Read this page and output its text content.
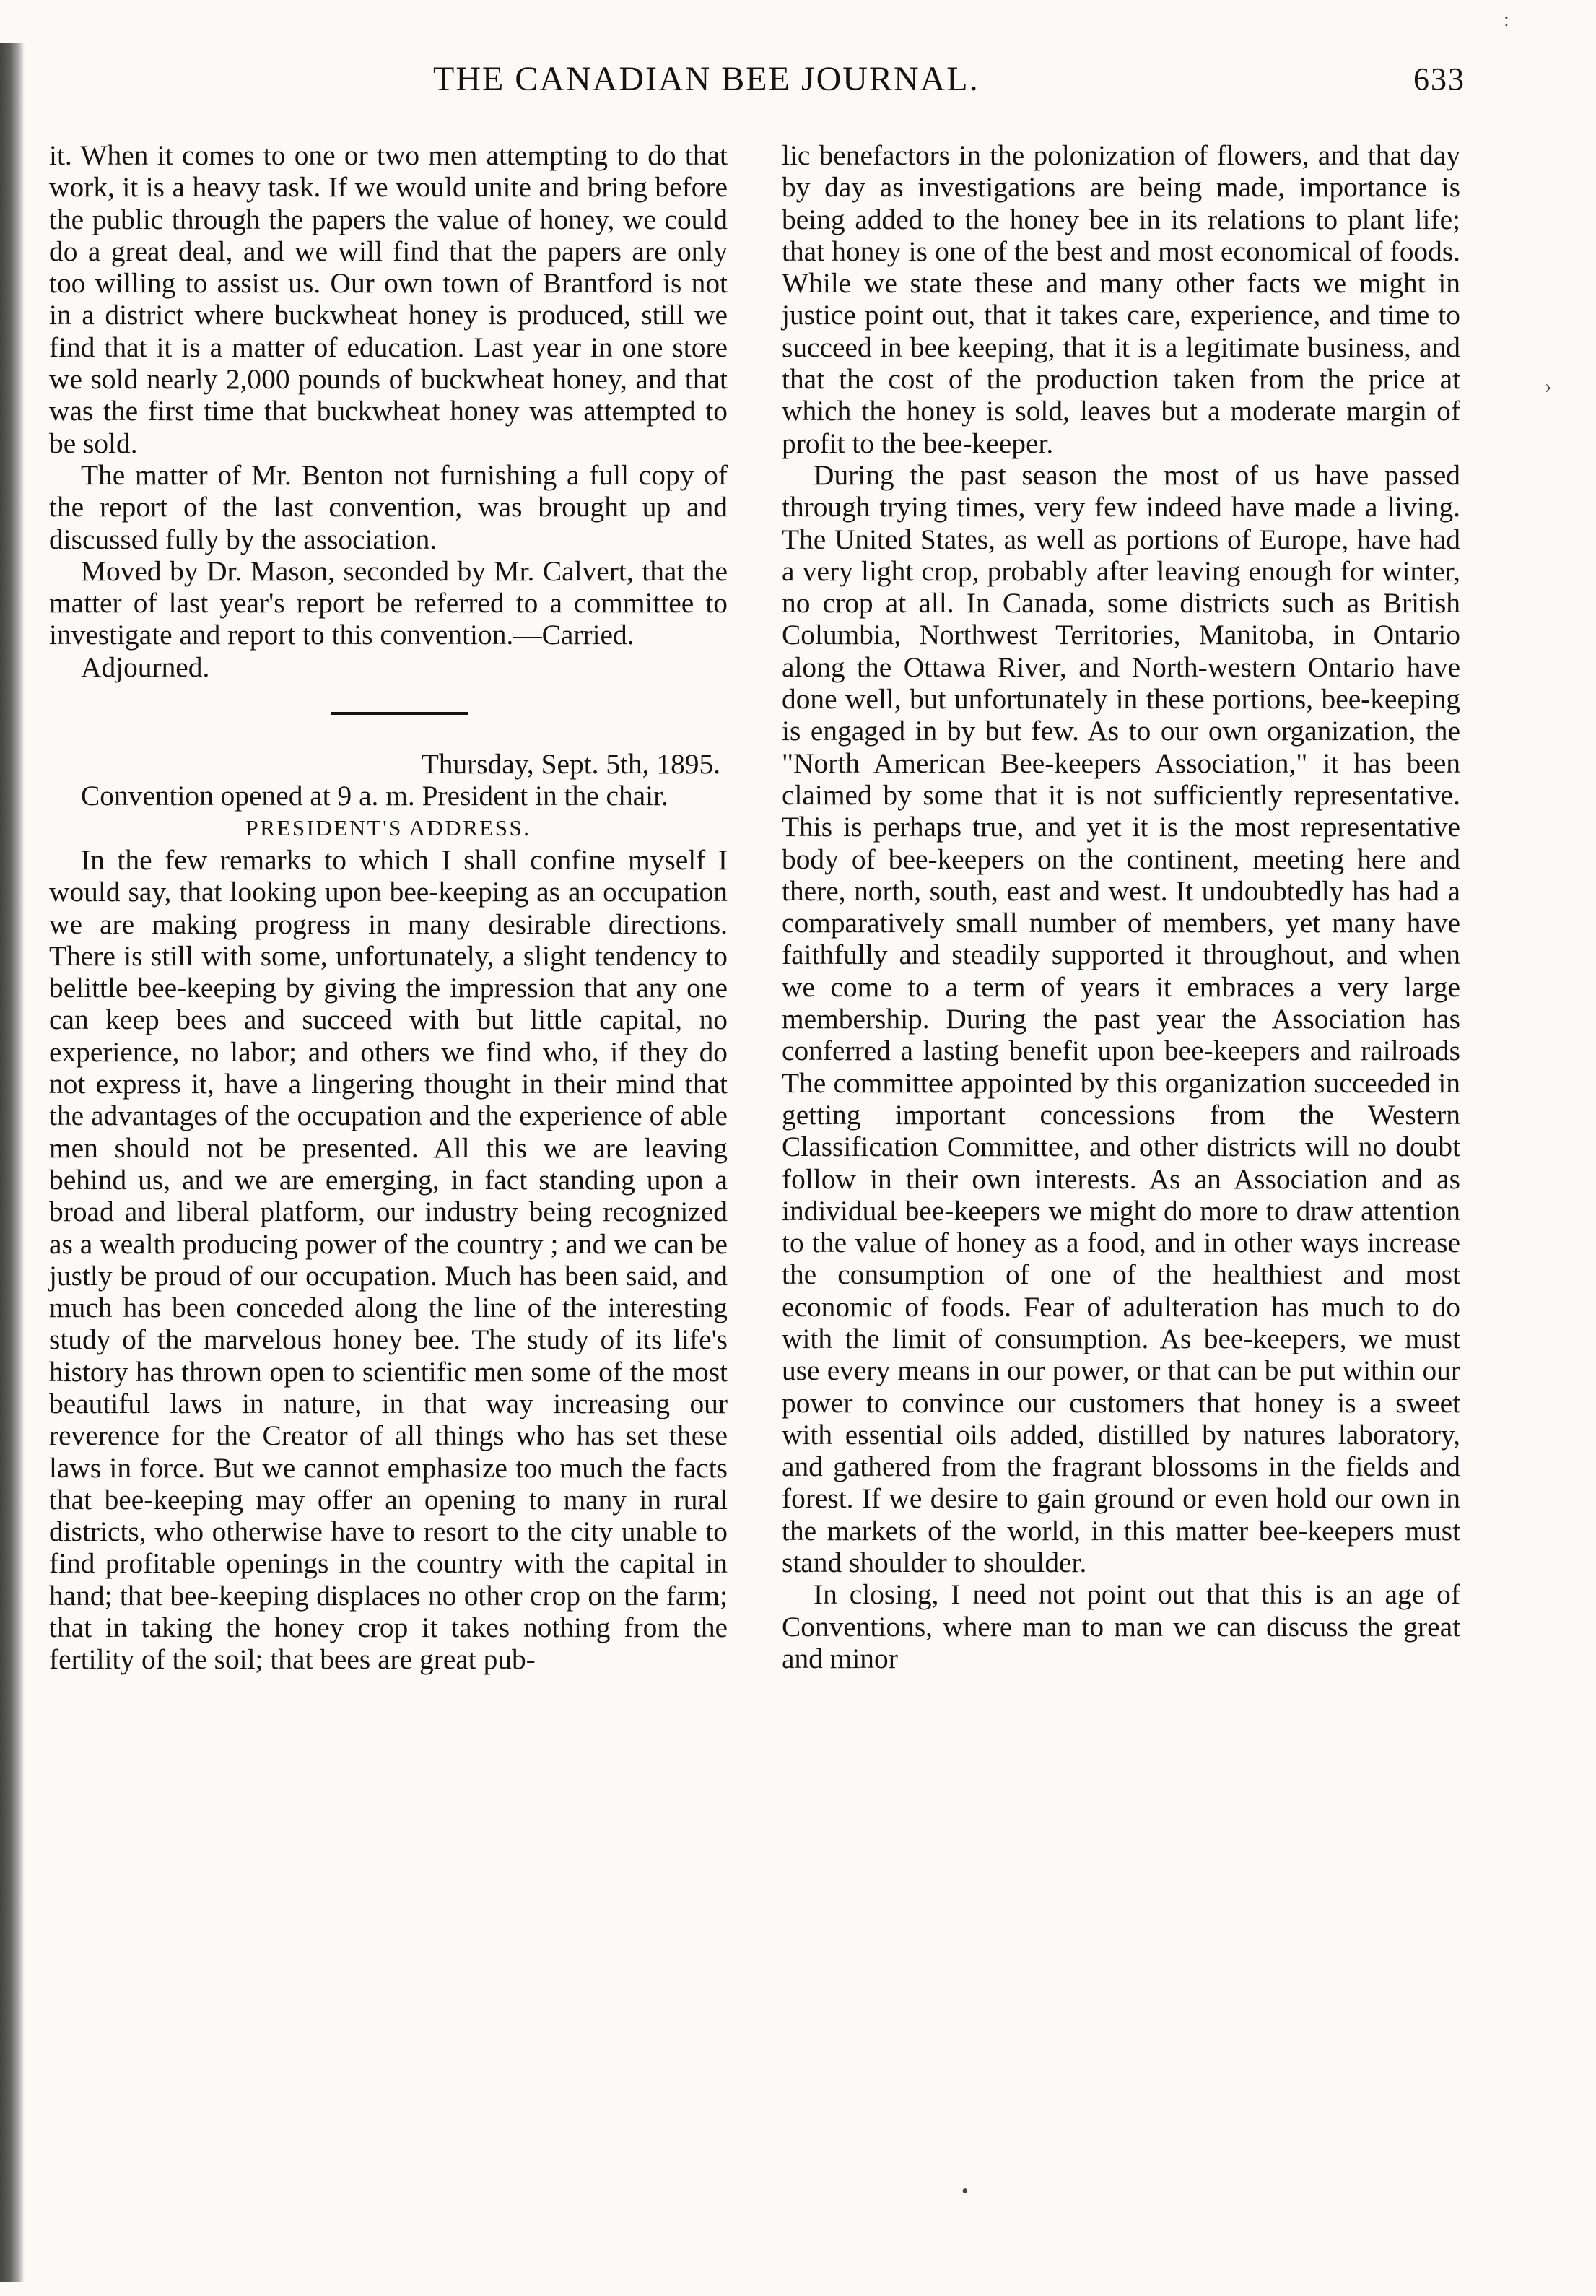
:
THE CANADIAN BEE JOURNAL.	633

it. When it comes to one or two men attempting to do that work, it is a heavy task. If we would unite and bring before the public through the papers the value of honey, we could do a great deal, and we will find that the papers are only too willing to assist us. Our own town of Brantford is not in a district where buckwheat honey is produced, still we find that it is a matter of education. Last year in one store we sold nearly 2,000 pounds of buckwheat honey, and that was the first time that buckwheat honey was attempted to be sold.

The matter of Mr. Benton not furnishing a full copy of the report of the last convention, was brought up and discussed fully by the association.

Moved by Dr. Mason, seconded by Mr. Calvert, that the matter of last year's report be referred to a committee to investigate and report to this convention.—Carried.

Adjourned.

Thursday, Sept. 5th, 1895.

Convention opened at 9 a. m. President in the chair.

PRESIDENT'S ADDRESS.

In the few remarks to which I shall confine myself I would say, that looking upon bee-keeping as an occupation we are making progress in many desirable directions. There is still with some, unfortunately, a slight tendency to belittle bee-keeping by giving the impression that any one can keep bees and succeed with but little capital, no experience, no labor; and others we find who, if they do not express it, have a lingering thought in their mind that the advantages of the occupation and the experience of able men should not be presented. All this we are leaving behind us, and we are emerging, in fact standing upon a broad and liberal platform, our industry being recognized as a wealth producing power of the country ; and we can be justly be proud of our occupation. Much has been said, and much has been conceded along the line of the interesting study of the marvelous honey bee. The study of its life's history has thrown open to scientific men some of the most beautiful laws in nature, in that way increasing our reverence for the Creator of all things who has set these laws in force. But we cannot emphasize too much the facts that bee-keeping may offer an opening to many in rural districts, who otherwise have to resort to the city unable to find profitable openings in the country with the capital in hand; that bee-keeping displaces no other crop on the farm; that in taking the honey crop it takes nothing from the fertility of the soil; that bees are great pub-

lic benefactors in the polonization of flowers, and that day by day as investigations are being made, importance is being added to the honey bee in its relations to plant life; that honey is one of the best and most economical of foods. While we state these and many other facts we might in justice point out, that it takes care, experience, and time to succeed in bee keeping, that it is a legitimate business, and that the cost of the production taken from the price at which the honey is sold, leaves but a moderate margin of profit to the bee-keeper.

During the past season the most of us have passed through trying times, very few indeed have made a living. The United States, as well as portions of Europe, have had a very light crop, probably after leaving enough for winter, no crop at all. In Canada, some districts such as British Columbia, Northwest Territories, Manitoba, in Ontario along the Ottawa River, and North-western Ontario have done well, but unfortunately in these portions, bee-keeping is engaged in by but few. As to our own organization, the "North American Bee-keepers Association," it has been claimed by some that it is not sufficiently representative. This is perhaps true, and yet it is the most representative body of bee-keepers on the continent, meeting here and there, north, south, east and west. It undoubtedly has had a comparatively small number of members, yet many have faithfully and steadily supported it throughout, and when we come to a term of years it embraces a very large membership. During the past year the Association has conferred a lasting benefit upon bee-keepers and railroads The committee appointed by this organization succeeded in getting important concessions from the Western Classification Committee, and other districts will no doubt follow in their own interests. As an Association and as individual bee-keepers we might do more to draw attention to the value of honey as a food, and in other ways increase the consumption of one of the healthiest and most economic of foods. Fear of adulteration has much to do with the limit of consumption. As bee-keepers, we must use every means in our power, or that can be put within our power to convince our customers that honey is a sweet with essential oils added, distilled by natures laboratory, and gathered from the fragrant blossoms in the fields and forest. If we desire to gain ground or even hold our own in the markets of the world, in this matter bee-keepers must stand shoulder to shoulder.

In closing, I need not point out that this is an age of Conventions, where man to man we can discuss the great and minor

›
•
